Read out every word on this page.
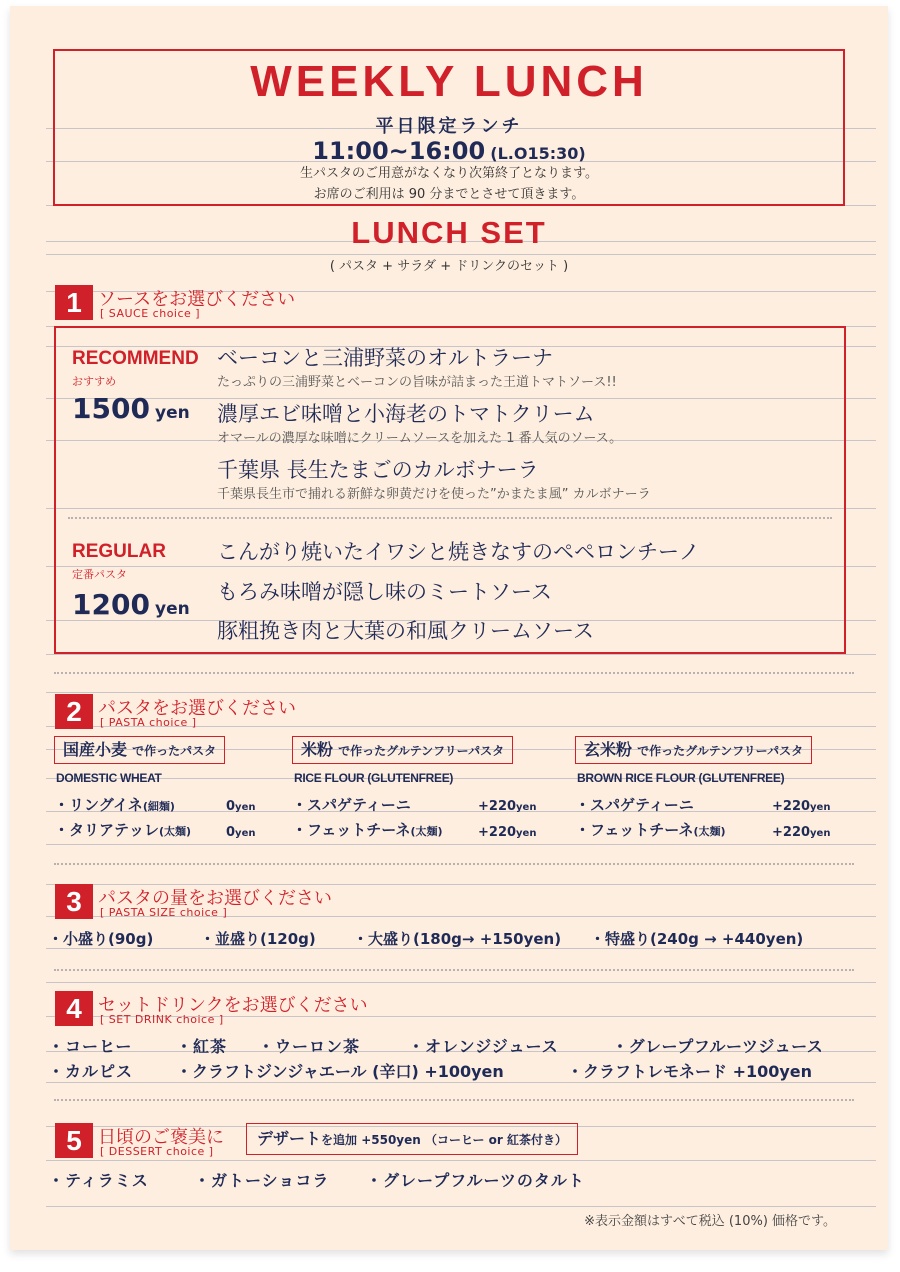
WEEKLY LUNCH
平日限定ランチ
11:00~16:00 (L.O15:30)
生パスタのご用意がなくなり次第終了となります。
お席のご利用は 90 分までとさせて頂きます。
LUNCH SET
( パスタ + サラダ + ドリンクのセット )
1 ソースをお選びください
[ SAUCE choice ]
RECOMMEND
おすすめ
1500 yen
ベーコンと三浦野菜のオルトラーナ
たっぷりの三浦野菜とベーコンの旨味が詰まった王道トマトソース!!
濃厚エビ味噌と小海老のトマトクリーム
オマールの濃厚な味噌にクリームソースを加えた 1 番人気のソース。
千葉県 長生たまごのカルボナーラ
千葉県長生市で捕れる新鮮な卵黄だけを使った”かまたま風” カルボナーラ
REGULAR
定番パスタ
1200 yen
こんがり焼いたイワシと焼きなすのペペロンチーノ
もろみ味噌が隠し味のミートソース
豚粗挽き肉と大葉の和風クリームソース
2 パスタをお選びください
[ PASTA choice ]
国産小麦 で作ったパスタ
DOMESTIC WHEAT
・リングイネ(細麺)	0yen
・タリアテッレ(太麺)	0yen
米粉 で作ったグルテンフリーパスタ
RICE FLOUR (GLUTENFREE)
・スパゲティーニ	+220yen
・フェットチーネ(太麺)	+220yen
玄米粉 で作ったグルテンフリーパスタ
BROWN RICE FLOUR (GLUTENFREE)
・スパゲティーニ	+220yen
・フェットチーネ(太麺)	+220yen
3 パスタの量をお選びください
[ PASTA SIZE choice ]
・小盛り(90g)	・並盛り(120g) ・大盛り(180g→ +150yen) ・特盛り(240g → +440yen)
4 セットドリンクをお選びください
[ SET DRINK choice ]
・コーヒー	・紅茶 ・ウーロン茶	・オレンジジュース	・グレープフルーツジュース
・カルピス	・クラフトジンジャエール (辛口) +100yen	・クラフトレモネード +100yen
5 日頃のご褒美に
[ DESSERT choice ]
デザートを追加 +550yen （コーヒー or 紅茶付き）
・ティラミス	・ガトーショコラ ・グレープフルーツのタルト
※表示金額はすべて税込 (10%) 価格です。
